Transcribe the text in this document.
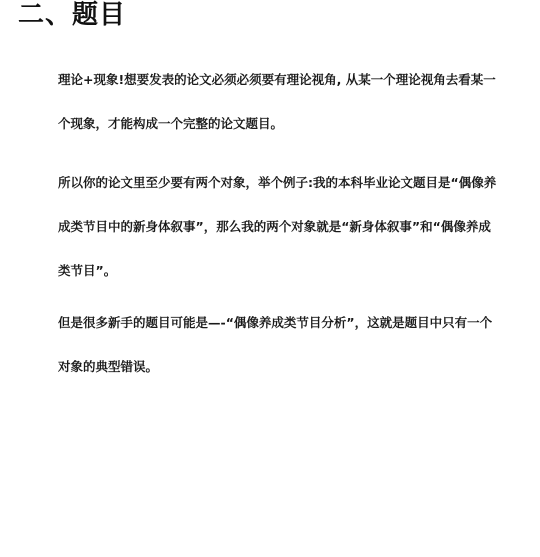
二、题目

理论+现象!想要发表的论文必须必须要有理论视角, 从某一个理论视角去看某一
个现象，才能构成一个完整的论文题目。

所以你的论文里至少要有两个对象，举个例子:我的本科毕业论文题目是“偶像养
成类节目中的新身体叙事”，那么我的两个对象就是“新身体叙事”和“偶像养成
类节目”。

但是很多新手的题目可能是—-“偶像养成类节目分析”，这就是题目中只有一个
对象的典型错误。
